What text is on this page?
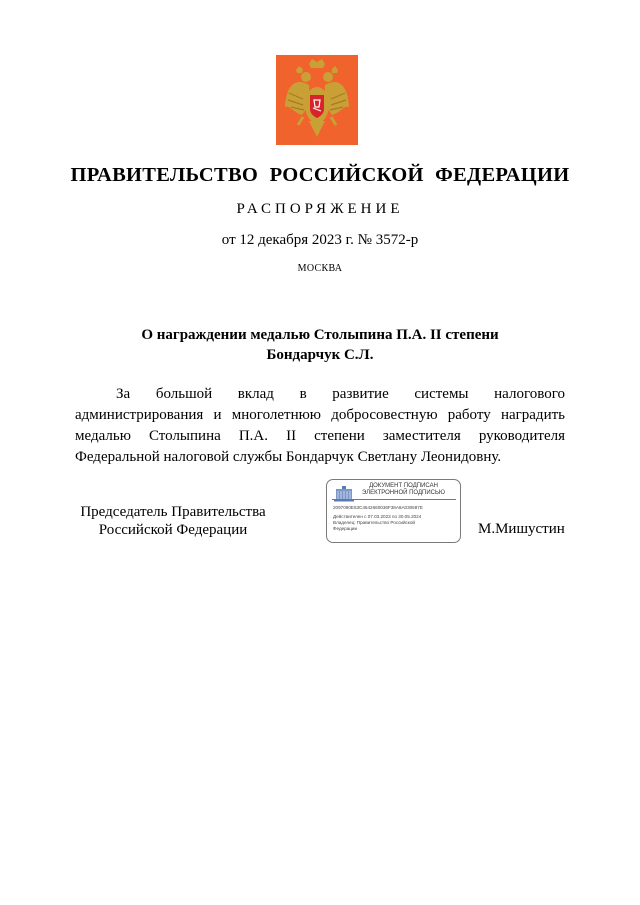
ПРАВИТЕЛЬСТВО РОССИЙСКОЙ ФЕДЕРАЦИИ
РАСПОРЯЖЕНИЕ
от 12 декабря 2023 г. № 3572-р
МОСКВА
О награждении медалью Столыпина П.А. II степени
Бондарчук С.Л.
За большой вклад в развитие системы налогового администрирования и многолетнюю добросовестную работу наградить медалью Столыпина П.А. II степени заместителя руководителя Федеральной налоговой службы Бондарчук Светлану Леонидовну.
Председатель Правительства
Российской Федерации
ДОКУМЕНТ ПОДПИСАН
ЭЛЕКТРОННОЙ ПОДПИСЬЮ
2097090E53C4642660036F38A8A030687E
Действителен с 07.03.2023 по 30.05.2024
Владелец: Правительство Российской
Федерации	М.Мишустин
